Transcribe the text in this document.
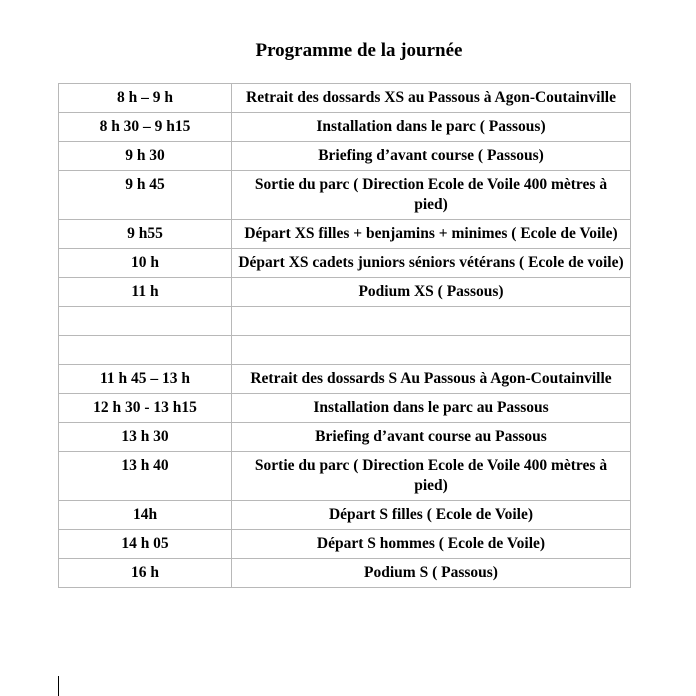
Programme de la journée
8 h – 9 h	Retrait des dossards XS au Passous à Agon-Coutainville
8 h 30 – 9 h15	Installation dans le parc ( Passous)
9 h 30	Briefing d’avant course ( Passous)
9 h 45	Sortie du parc ( Direction Ecole de Voile 400 mètres à pied)
9 h55	Départ XS filles + benjamins + minimes ( Ecole de Voile)
10 h	Départ XS cadets juniors séniors vétérans ( Ecole de voile)
11 h	Podium XS ( Passous)

11 h 45 – 13 h	Retrait des dossards S Au Passous à Agon-Coutainville
12 h 30 - 13 h15	Installation dans le parc au Passous
13 h 30	Briefing d’avant course au Passous
13 h 40	Sortie du parc ( Direction Ecole de Voile 400 mètres à pied)
14h	Départ S filles ( Ecole de Voile)
14 h 05	Départ S hommes ( Ecole de Voile)
16 h	Podium S ( Passous)
